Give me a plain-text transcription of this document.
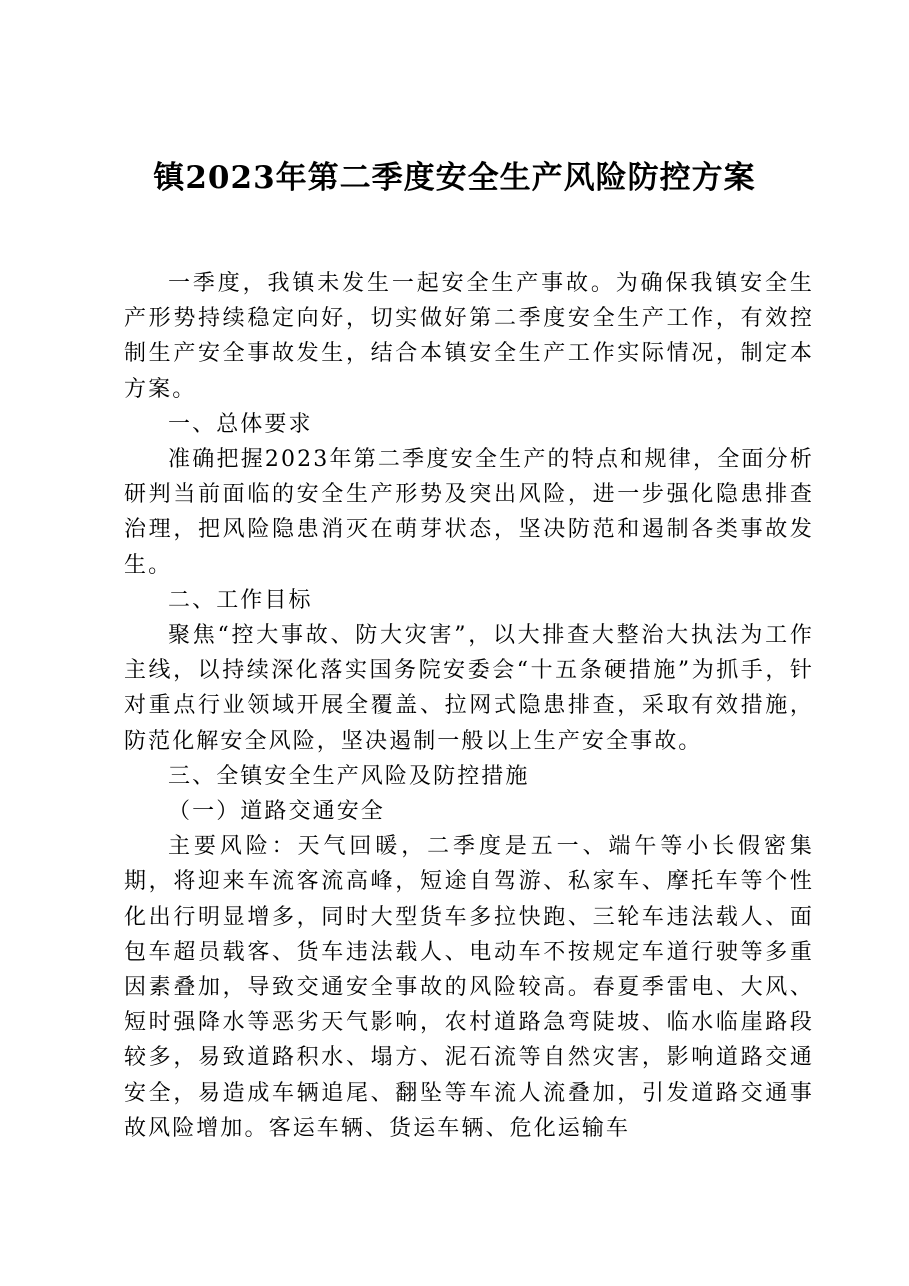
镇2023年第二季度安全生产风险防控方案

一季度，我镇未发生一起安全生产事故。为确保我镇安全生产形势持续稳定向好，切实做好第二季度安全生产工作，有效控制生产安全事故发生，结合本镇安全生产工作实际情况，制定本方案。

一、总体要求

准确把握2023年第二季度安全生产的特点和规律，全面分析研判当前面临的安全生产形势及突出风险，进一步强化隐患排查治理，把风险隐患消灭在萌芽状态，坚决防范和遏制各类事故发生。

二、工作目标

聚焦“控大事故、防大灾害”，以大排查大整治大执法为工作主线，以持续深化落实国务院安委会“十五条硬措施”为抓手，针对重点行业领域开展全覆盖、拉网式隐患排查，采取有效措施，防范化解安全风险，坚决遏制一般以上生产安全事故。

三、全镇安全生产风险及防控措施

（一）道路交通安全

主要风险：天气回暖，二季度是五一、端午等小长假密集期，将迎来车流客流高峰，短途自驾游、私家车、摩托车等个性化出行明显增多，同时大型货车多拉快跑、三轮车违法载人、面包车超员载客、货车违法载人、电动车不按规定车道行驶等多重因素叠加，导致交通安全事故的风险较高。春夏季雷电、大风、短时强降水等恶劣天气影响，农村道路急弯陡坡、临水临崖路段较多，易致道路积水、塌方、泥石流等自然灾害，影响道路交通安全，易造成车辆追尾、翻坠等车流人流叠加，引发道路交通事故风险增加。客运车辆、货运车辆、危化运输车
